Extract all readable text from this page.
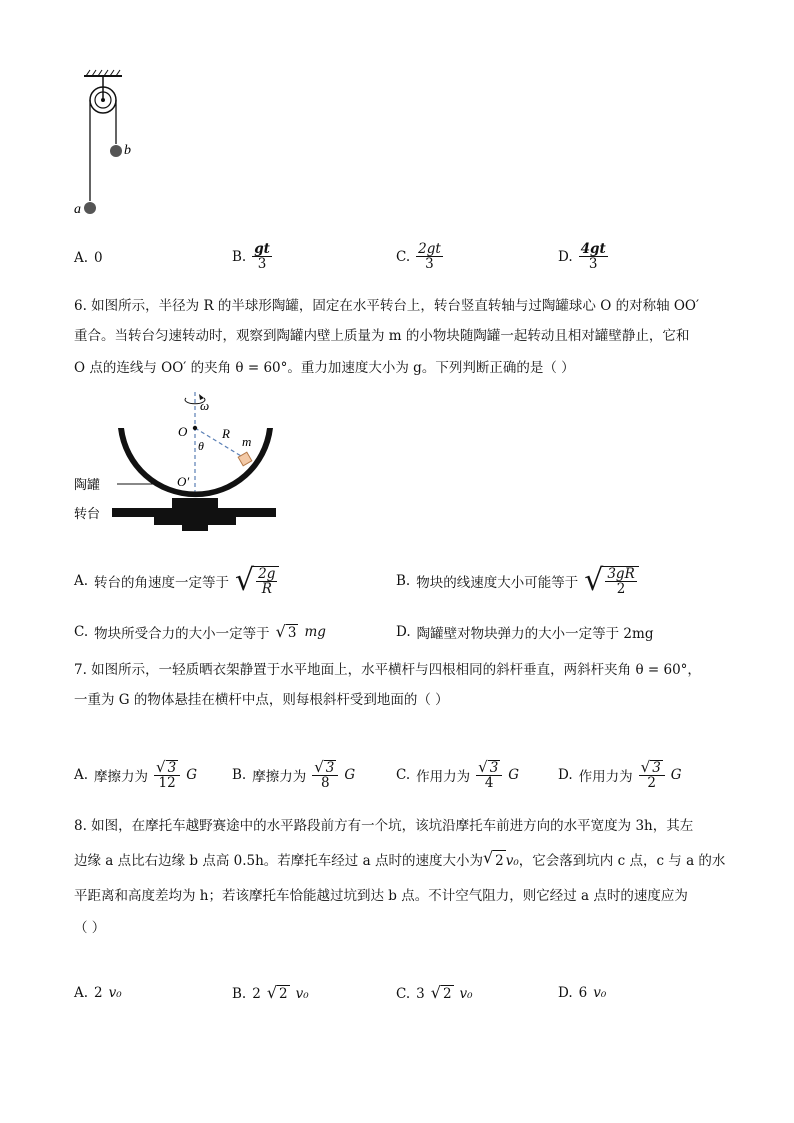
b
a
A. 0	B. $\frac{gt}{3}$	C. $\frac{2gt}{3}$	D. $\frac{4gt}{3}$
6. 如图所示，半径为 R 的半球形陶罐，固定在水平转台上，转台竖直转轴与过陶罐球心 O 的对称轴 OO′
重合。当转台匀速转动时，观察到陶罐内壁上质量为 m 的小物块随陶罐一起转动且相对罐壁静止，它和
O 点的连线与 OO′ 的夹角 θ = 60°。重力加速度大小为 g。下列判断正确的是（ ）
ω
O	R
m
θ
O′
陶罐
转台
A. 转台的角速度一定等于 √ $\frac{2g}{R}$	B. 物块的线速度大小可能等于 √ $\frac{3gR}{2}$
C. 物块所受合力的大小一定等于 √ 3 mg	D. 陶罐壁对物块弹力的大小一定等于 2mg
7. 如图所示，一轻质晒衣架静置于水平地面上，水平横杆与四根相同的斜杆垂直，两斜杆夹角 θ = 60°，
一重为 G 的物体悬挂在横杆中点，则每根斜杆受到地面的（ ）
A. 摩擦力为 $\frac{√ 3}{12}$ G	B. 摩擦力为 $\frac{√ 3}{8}$ G	C. 作用力为 $\frac{√ 3}{4}$ G	D. 作用力为 $\frac{√ 3}{2}$ G
8. 如图，在摩托车越野赛途中的水平路段前方有一个坑，该坑沿摩托车前进方向的水平宽度为 3h，其左
边缘 a 点比右边缘 b 点高 0.5h。若摩托车经过 a 点时的速度大小为 √ 2 v₀ ，它会落到坑内 c 点，c 与 a 的水
平距离和高度差均为 h；若该摩托车恰能越过坑到达 b 点。不计空气阻力，则它经过 a 点时的速度应为
（ ）
A. 2 v₀	B. 2 √ 2 v₀	C. 3 √ 2 v₀	D. 6 v₀
